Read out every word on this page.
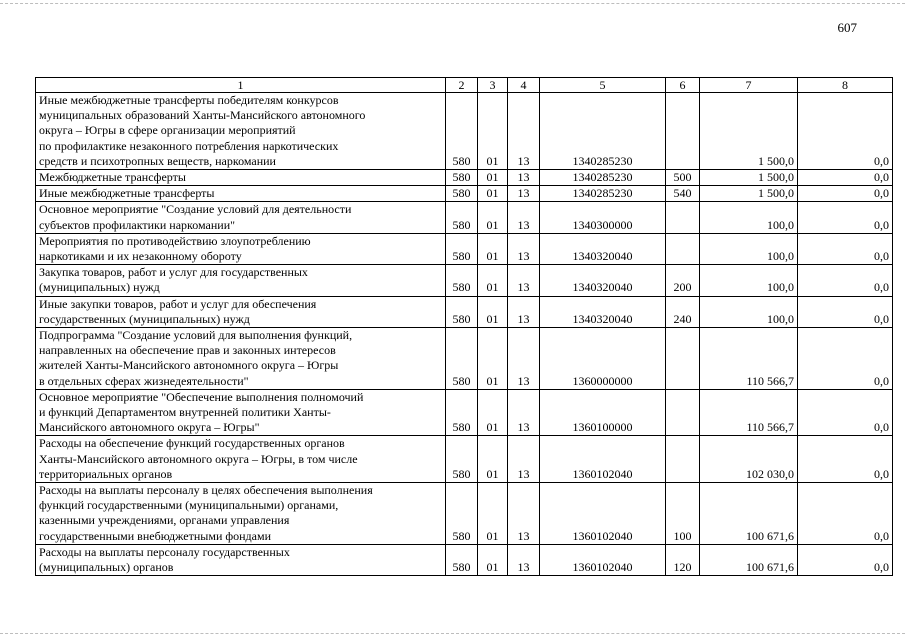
607
1	2	3	4	5	6	7	8
Иные межбюджетные трансферты победителям конкурсов
муниципальных образований Ханты-Мансийского автономного
округа – Югры в сфере организации мероприятий
по профилактике незаконного потребления наркотических
средств и психотропных веществ, наркомании	580	01	13	1340285230		1 500,0	0,0
Межбюджетные трансферты	580	01	13	1340285230	500	1 500,0	0,0
Иные межбюджетные трансферты	580	01	13	1340285230	540	1 500,0	0,0
Основное мероприятие "Создание условий для деятельности
субъектов профилактики наркомании"	580	01	13	1340300000		100,0	0,0
Мероприятия по противодействию злоупотреблению
наркотиками и их незаконному обороту	580	01	13	1340320040		100,0	0,0
Закупка товаров, работ и услуг для государственных
(муниципальных) нужд	580	01	13	1340320040	200	100,0	0,0
Иные закупки товаров, работ и услуг для обеспечения
государственных (муниципальных) нужд	580	01	13	1340320040	240	100,0	0,0
Подпрограмма "Создание условий для выполнения функций,
направленных на обеспечение прав и законных интересов
жителей Ханты-Мансийского автономного округа – Югры
в отдельных сферах жизнедеятельности"	580	01	13	1360000000		110 566,7	0,0
Основное мероприятие "Обеспечение выполнения полномочий
и функций Департаментом внутренней политики Ханты-
Мансийского автономного округа – Югры"	580	01	13	1360100000		110 566,7	0,0
Расходы на обеспечение функций государственных органов
Ханты-Мансийского автономного округа – Югры, в том числе
территориальных органов	580	01	13	1360102040		102 030,0	0,0
Расходы на выплаты персоналу в целях обеспечения выполнения
функций государственными (муниципальными) органами,
казенными учреждениями, органами управления
государственными внебюджетными фондами	580	01	13	1360102040	100	100 671,6	0,0
Расходы на выплаты персоналу государственных
(муниципальных) органов	580	01	13	1360102040	120	100 671,6	0,0
